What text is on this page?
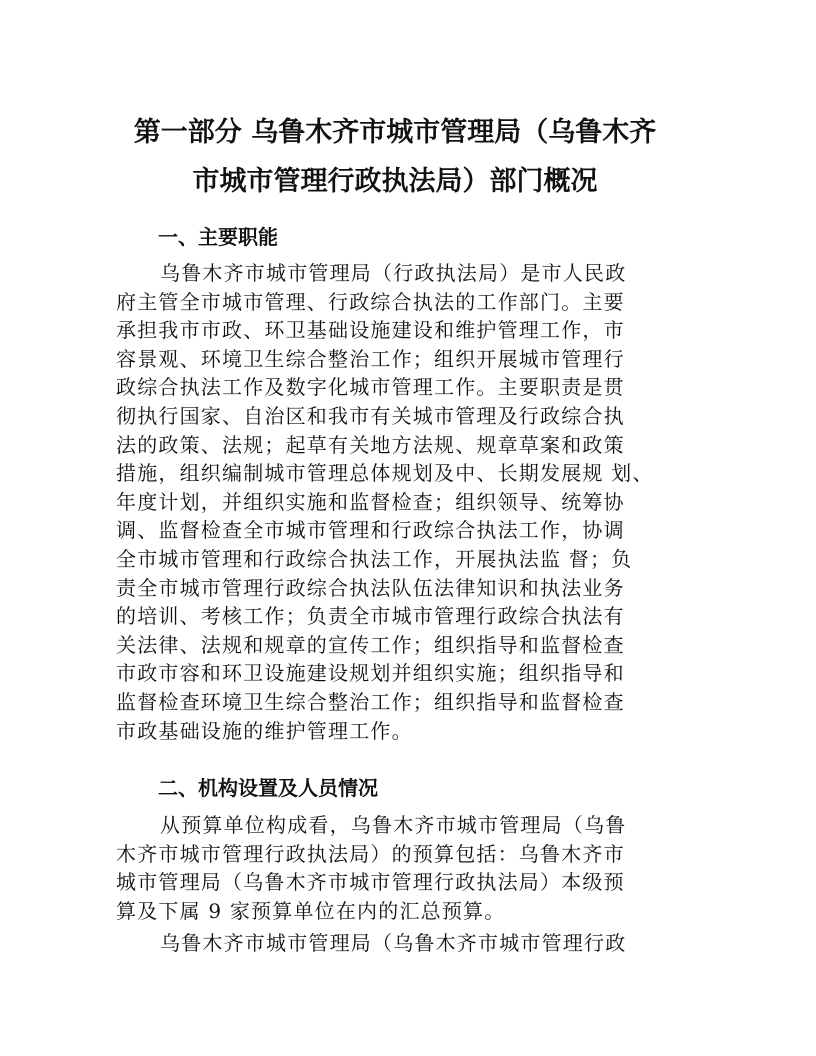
第一部分 乌鲁木齐市城市管理局（乌鲁木齐
市城市管理行政执法局）部门概况
一、主要职能
乌鲁木齐市城市管理局（行政执法局）是市人民政
府主管全市城市管理、行政综合执法的工作部门。主要
承担我市市政、环卫基础设施建设和维护管理工作，市
容景观、环境卫生综合整治工作；组织开展城市管理行
政综合执法工作及数字化城市管理工作。主要职责是贯
彻执行国家、自治区和我市有关城市管理及行政综合执
法的政策、法规；起草有关地方法规、规章草案和政策
措施，组织编制城市管理总体规划及中、长期发展规 划、
年度计划，并组织实施和监督检查；组织领导、统筹协
调、监督检查全市城市管理和行政综合执法工作，协调
全市城市管理和行政综合执法工作，开展执法监 督；负
责全市城市管理行政综合执法队伍法律知识和执法业务
的培训、考核工作；负责全市城市管理行政综合执法有
关法律、法规和规章的宣传工作；组织指导和监督检查
市政市容和环卫设施建设规划并组织实施；组织指导和
监督检查环境卫生综合整治工作；组织指导和监督检查
市政基础设施的维护管理工作。
二、机构设置及人员情况
从预算单位构成看，乌鲁木齐市城市管理局（乌鲁
木齐市城市管理行政执法局）的预算包括：乌鲁木齐市
城市管理局（乌鲁木齐市城市管理行政执法局）本级预
算及下属 9 家预算单位在内的汇总预算。
乌鲁木齐市城市管理局（乌鲁木齐市城市管理行政
